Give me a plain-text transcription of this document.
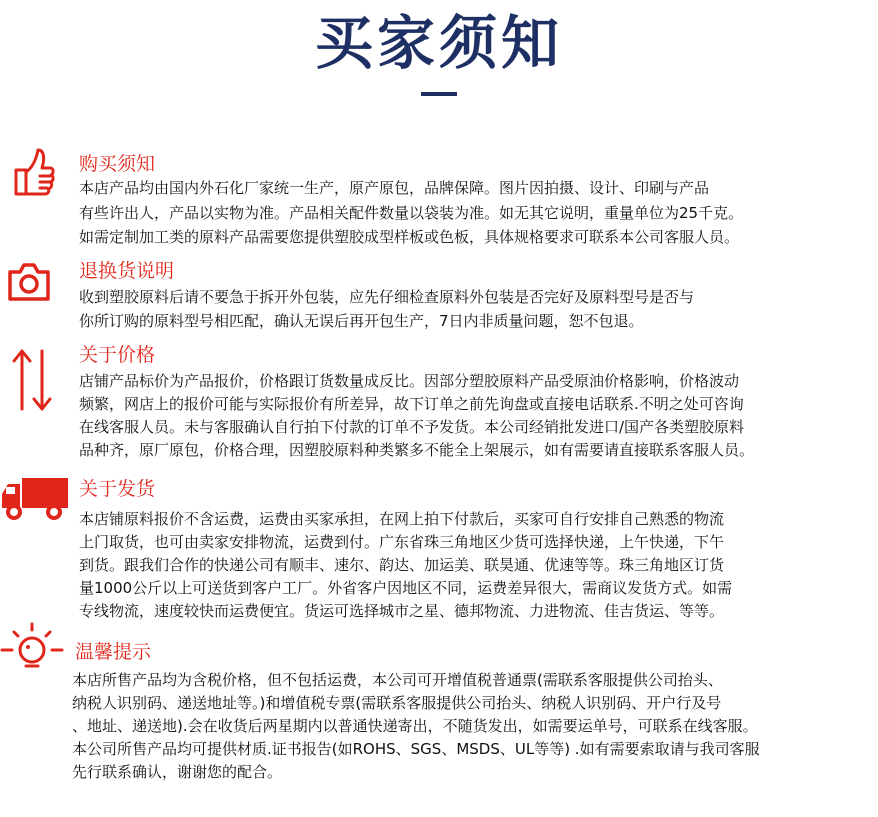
买家须知
购买须知
本店产品均由国内外石化厂家统一生产，原产原包，品牌保障。图片因拍摄、设计、印刷与产品
有些许出人，产品以实物为准。产品相关配件数量以袋装为准。如无其它说明，重量单位为25千克。
如需定制加工类的原料产品需要您提供塑胶成型样板或色板，具体规格要求可联系本公司客服人员。
退换货说明
收到塑胶原料后请不要急于拆开外包装，应先仔细检查原料外包装是否完好及原料型号是否与
你所订购的原料型号相匹配，确认无误后再开包生产，7日内非质量问题，恕不包退。
关于价格
店铺产品标价为产品报价，价格跟订货数量成反比。因部分塑胶原料产品受原油价格影响，价格波动
频繁，网店上的报价可能与实际报价有所差异，故下订单之前先询盘或直接电话联系.不明之处可咨询
在线客服人员。未与客服确认自行拍下付款的订单不予发货。本公司经销批发进口/国产各类塑胶原料
品种齐，原厂原包，价格合理，因塑胶原料种类繁多不能全上架展示，如有需要请直接联系客服人员。
关于发货
本店铺原料报价不含运费，运费由买家承担，在网上拍下付款后，买家可自行安排自己熟悉的物流
上门取货，也可由卖家安排物流，运费到付。广东省珠三角地区少货可选择快递，上午快递，下午
到货。跟我们合作的快递公司有顺丰、速尔、韵达、加运美、联昊通、优速等等。珠三角地区订货
量1000公斤以上可送货到客户工厂。外省客户因地区不同，运费差异很大，需商议发货方式。如需
专线物流，速度较快而运费便宜。货运可选择城市之星、德邦物流、力进物流、佳吉货运、等等。
温馨提示
本店所售产品均为含税价格，但不包括运费，本公司可开增值税普通票(需联系客服提供公司抬头、
纳税人识别码、递送地址等。)和增值税专票(需联系客服提供公司抬头、纳税人识别码、开户行及号
、地址、递送地).会在收货后两星期内以普通快递寄出，不随货发出，如需要运单号，可联系在线客服。
本公司所售产品均可提供材质.证书报告(如ROHS、SGS、MSDS、UL等等) .如有需要索取请与我司客服
先行联系确认，谢谢您的配合。
